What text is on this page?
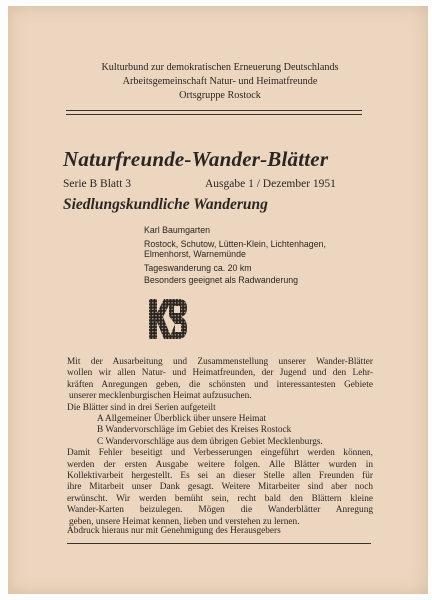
Kulturbund zur demokratischen Erneuerung Deutschlands
Arbeitsgemeinschaft Natur- und Heimatfreunde
Ortsgruppe Rostock
Naturfreunde-Wander-Blätter
Serie B Blatt 3	Ausgabe 1 / Dezember 1951
Siedlungskundliche Wanderung
Karl Baumgarten
Rostock, Schutow, Lütten-Klein, Lichtenhagen,
Elmenhorst, Warnemünde
Tageswanderung ca. 20 km
Besonders geeignet als Radwanderung
Mit der Ausarbeitung und Zusammenstellung unserer Wander-Blätter
wollen wir allen Natur- und Heimatfreunden, der Jugend und den Lehr-
kräften Anregungen geben, die schönsten und interessantesten Gebiete
unserer mecklenburgischen Heimat aufzusuchen.
Die Blätter sind in drei Serien aufgeteilt
A Allgemeiner Überblick über unsere Heimat
B Wandervorschläge im Gebiet des Kreises Rostock
C Wandervorschläge aus dem übrigen Gebiet Mecklenburgs.
Damit Fehler beseitigt und Verbesserungen eingeführt werden können,
werden der ersten Ausgabe weitere folgen. Alle Blätter wurden in
Kollektivarbeit hergestellt. Es sei an dieser Stelle allen Freunden für
ihre Mitarbeit unser Dank gesagt. Weitere Mitarbeiter sind aber noch
erwünscht. Wir werden bemüht sein, recht bald den Blättern kleine
Wander-Karten beizulegen. Mögen die Wanderblätter Anregung
geben, unsere Heimat kennen, lieben und verstehen zu lernen.
Abdruck hieraus nur mit Genehmigung des Herausgebers
